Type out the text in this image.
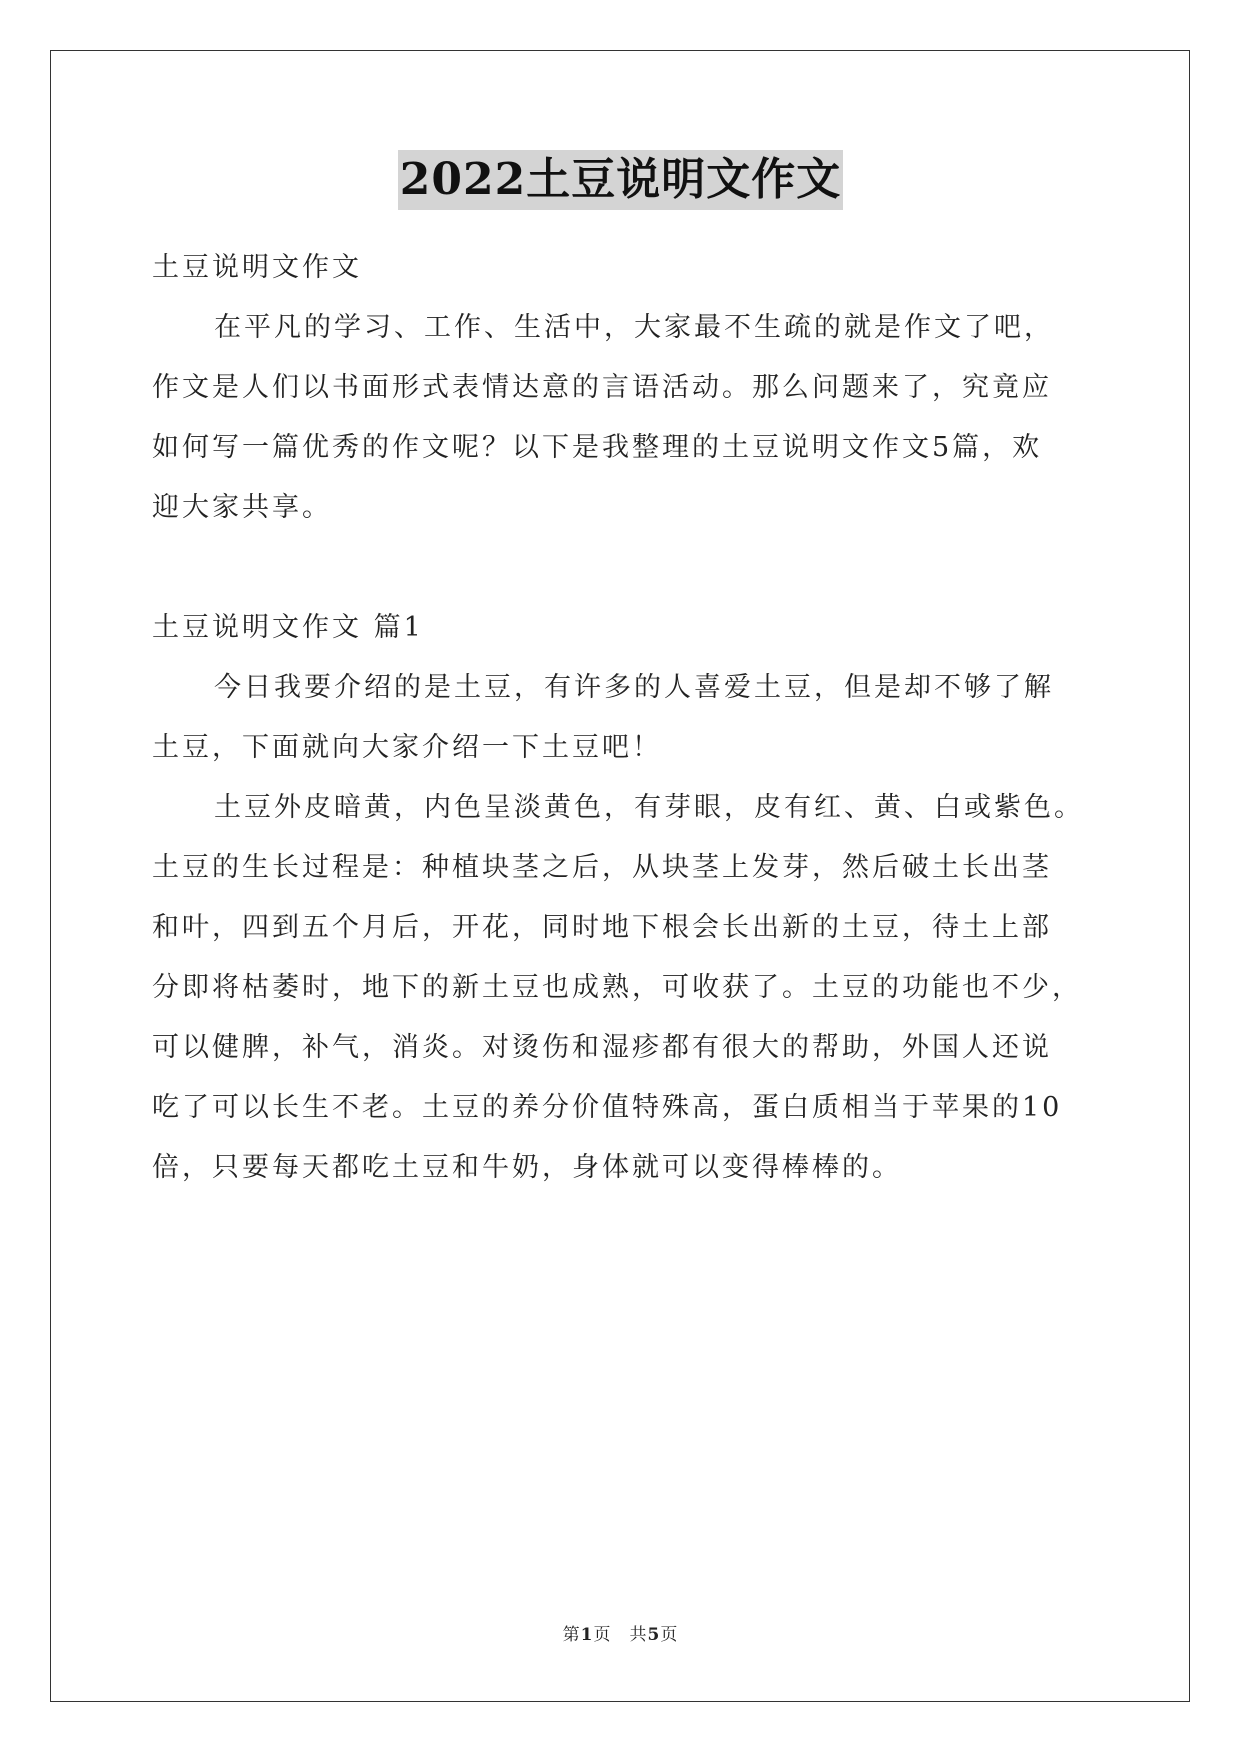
2022土豆说明文作文

土豆说明文作文

在平凡的学习、工作、生活中，大家最不生疏的就是作文了吧，

作文是人们以书面形式表情达意的言语活动。那么问题来了，究竟应

如何写一篇优秀的作文呢？以下是我整理的土豆说明文作文5篇，欢

迎大家共享。

土豆说明文作文 篇1

今日我要介绍的是土豆，有许多的人喜爱土豆，但是却不够了解

土豆，下面就向大家介绍一下土豆吧！

土豆外皮暗黄，内色呈淡黄色，有芽眼，皮有红、黄、白或紫色。

土豆的生长过程是：种植块茎之后，从块茎上发芽，然后破土长出茎

和叶，四到五个月后，开花，同时地下根会长出新的土豆，待土上部

分即将枯萎时，地下的新土豆也成熟，可收获了。土豆的功能也不少，

可以健脾，补气，消炎。对烫伤和湿疹都有很大的帮助，外国人还说

吃了可以长生不老。土豆的养分价值特殊高，蛋白质相当于苹果的10

倍，只要每天都吃土豆和牛奶，身体就可以变得棒棒的。

第1页 共5页
